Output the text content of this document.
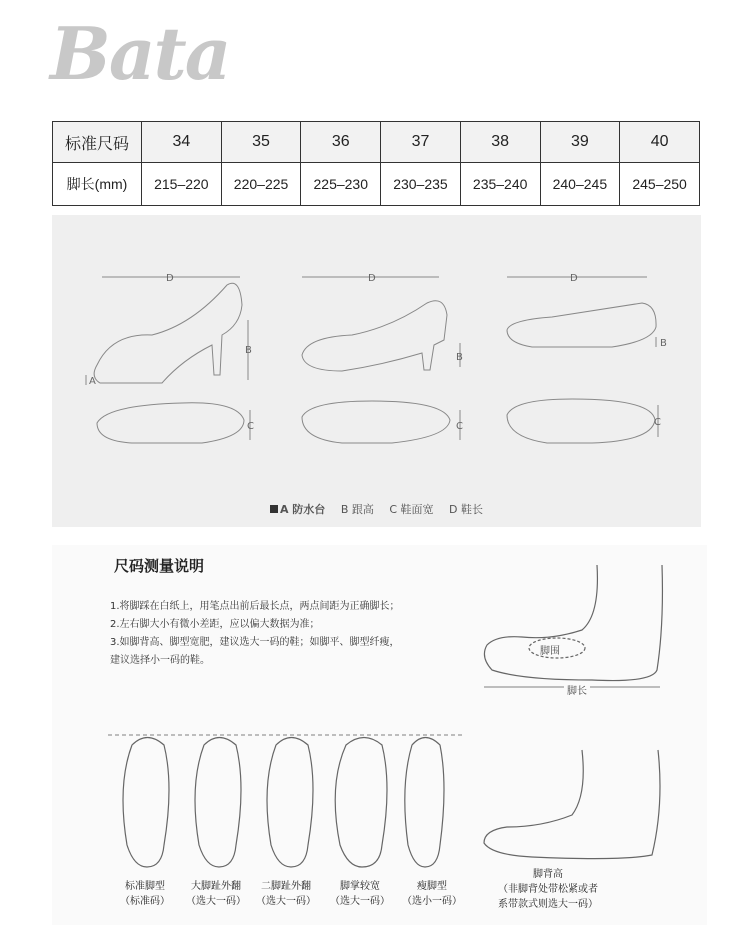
Bata
标准尺码	34	35	36	37	38	39	40
脚长(mm)	215–220	220–225	225–230	230–235	235–240	240–245	245–250
D	D	D
B
B
B
A
C	C	C
A 防水台 B 跟高 C 鞋面宽 D 鞋长
尺码测量说明
1.将脚踩在白纸上，用笔点出前后最长点，两点间距为正确脚长；
2.左右脚大小有微小差距，应以偏大数据为准；
3.如脚背高、脚型宽肥，建议选大一码的鞋；如脚平、脚型纤瘦，
建议选择小一码的鞋。
脚围
脚长
标准脚型
（标准码）
大脚趾外翻
（选大一码）
二脚趾外翻
（选大一码）
脚掌较宽
（选大一码）
瘦脚型
（选小一码）
脚背高
（非脚背处带松紧或者
系带款式则选大一码）
